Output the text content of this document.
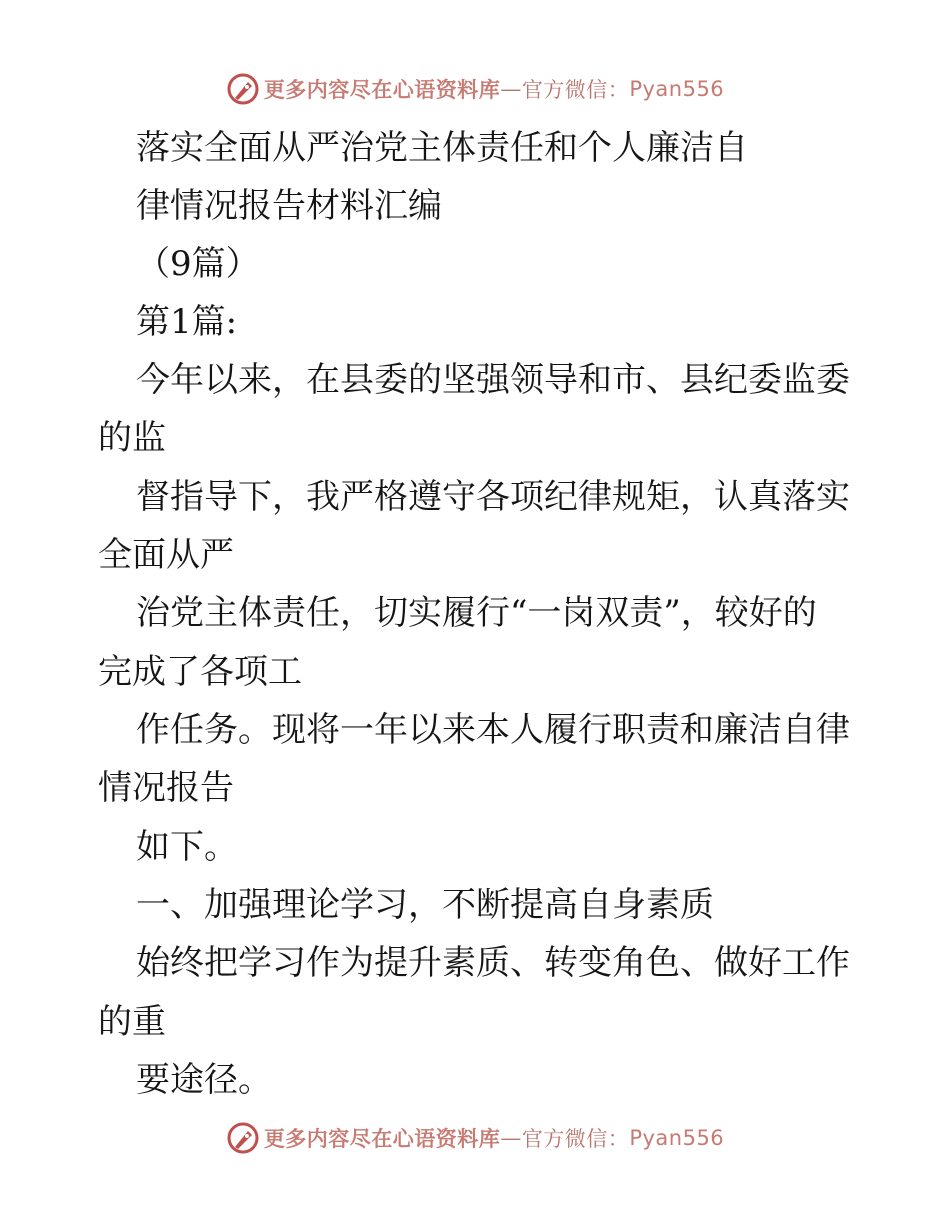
更多内容尽在心语资料库 — 官方微信： Pyan556
落实全面从严治党主体责任和个人廉洁自
律情况报告材料汇编
（9篇）
第1篇:
今年以来，在县委的坚强领导和市、县纪委监委
的监
督指导下，我严格遵守各项纪律规矩，认真落实
全面从严
治党主体责任，切实履行“一岗双责”，较好的
完成了各项工
作任务。现将一年以来本人履行职责和廉洁自律
情况报告
如下。
一、加强理论学习，不断提高自身素质
始终把学习作为提升素质、转变角色、做好工作
的重
要途径。
更多内容尽在心语资料库 — 官方微信： Pyan556
